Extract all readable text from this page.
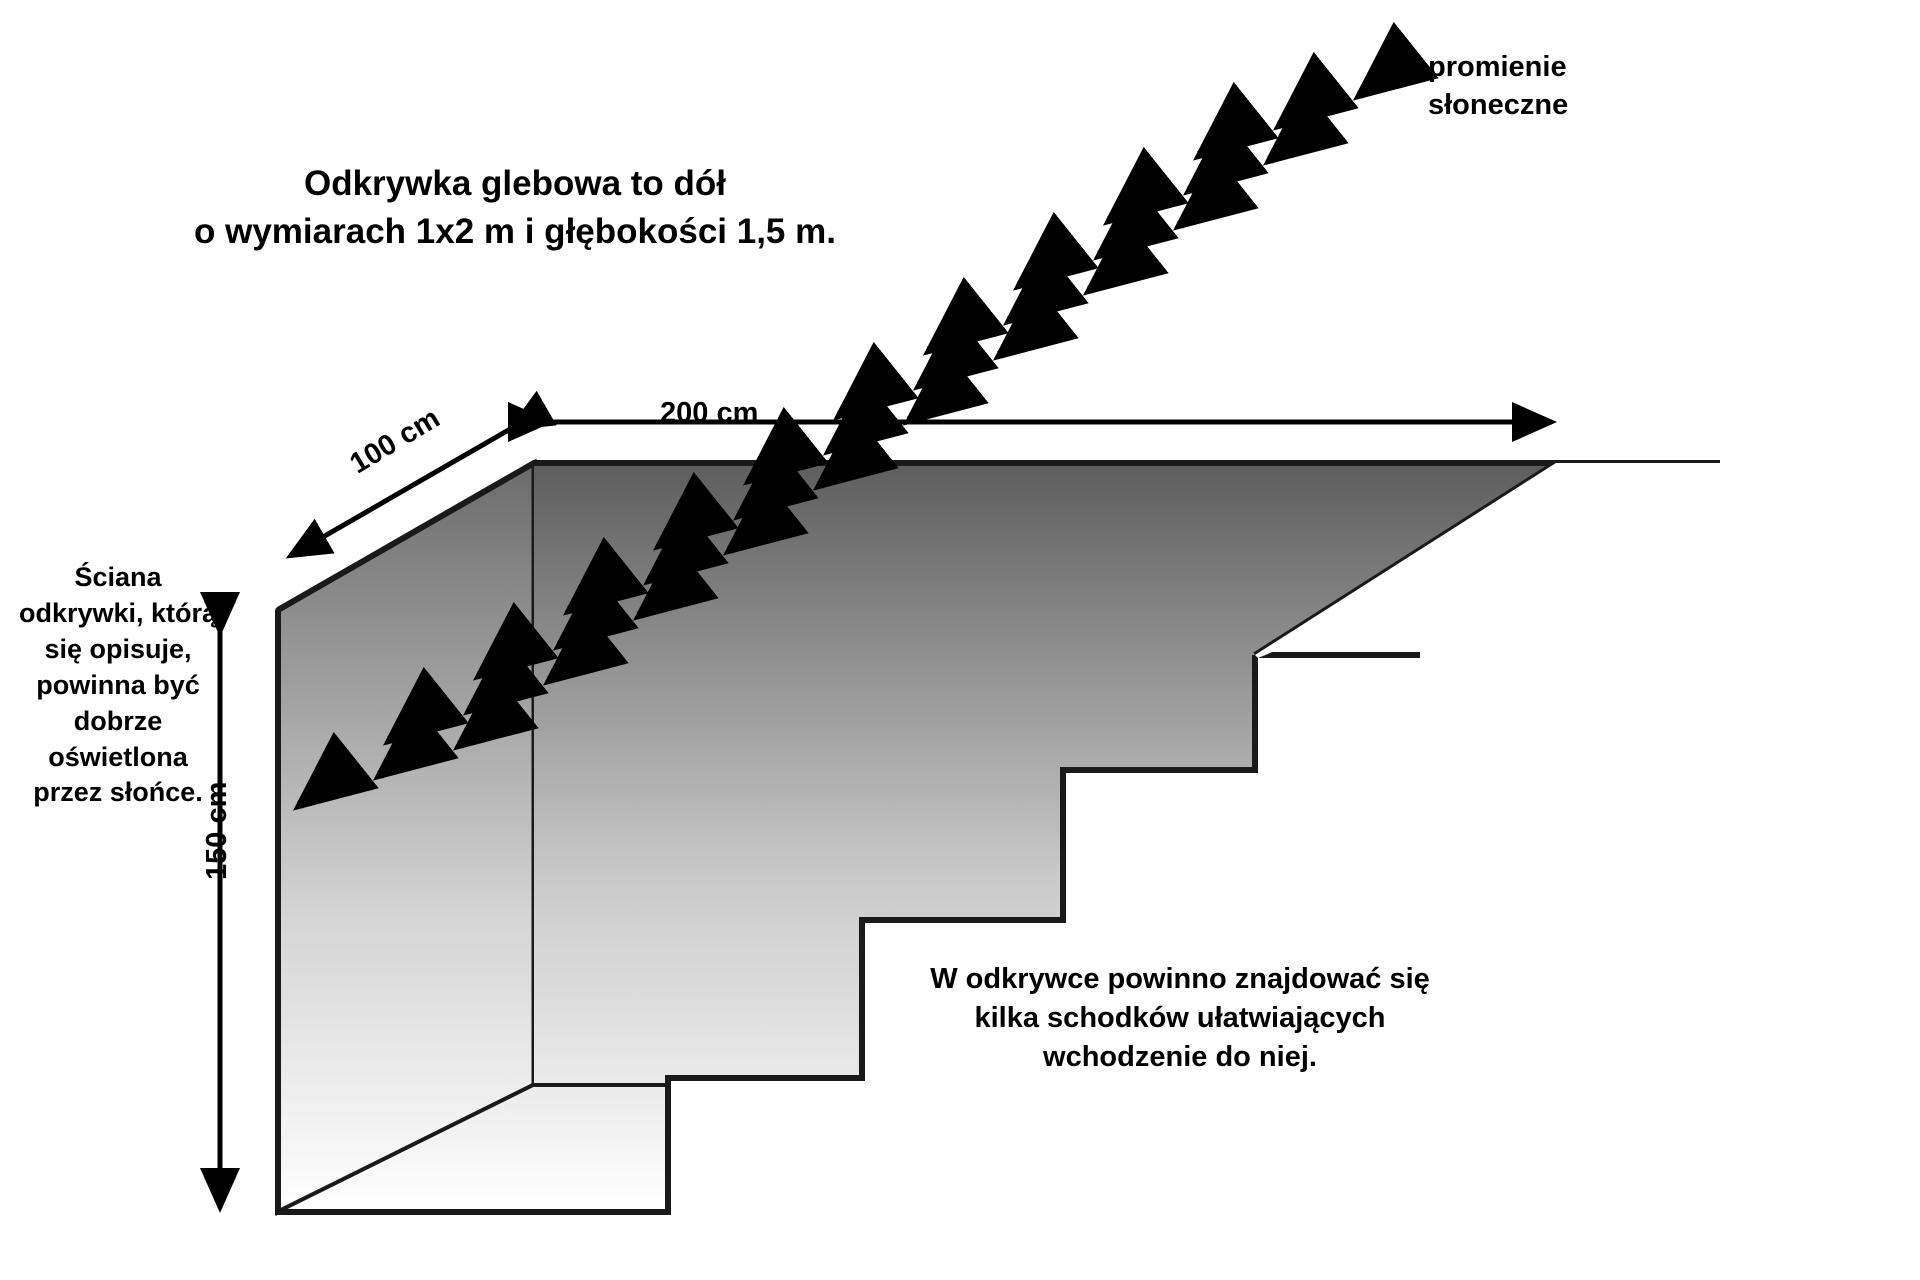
Odkrywka glebowa to dół
o wymiarach 1x2 m i głębokości 1,5 m.
promienie
słoneczne
Ściana odkrywki, którą się opisuje, powinna być dobrze oświetlona przez słońce.
W odkrywce powinno znajdować się
kilka schodków ułatwiających
wchodzenie do niej.
200 cm
100 cm
150 cm
